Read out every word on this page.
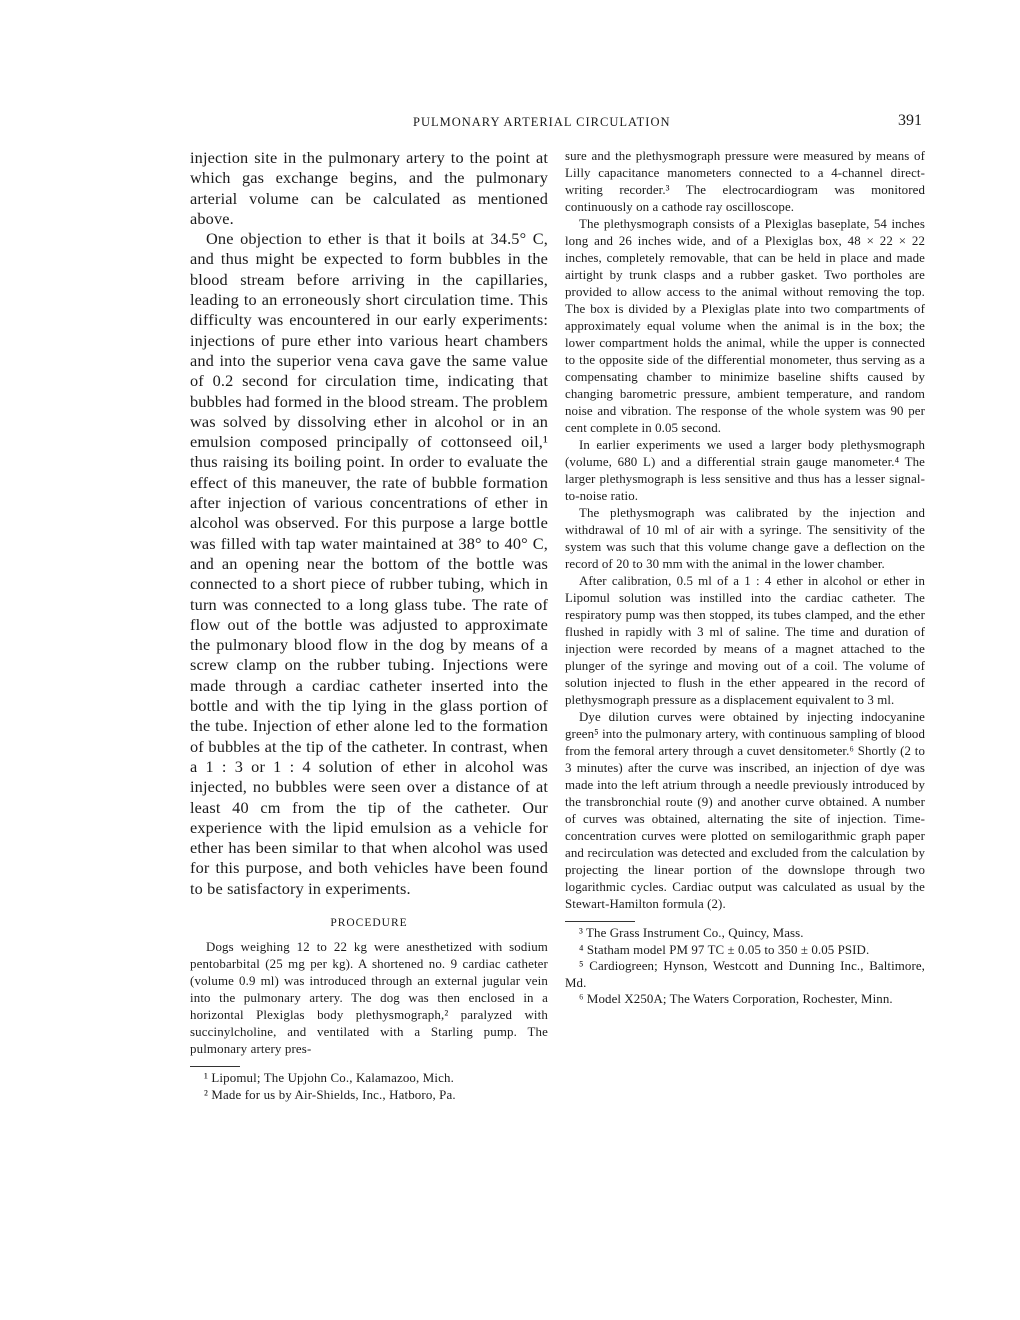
PULMONARY ARTERIAL CIRCULATION	391

injection site in the pulmonary artery to the point at which gas exchange begins, and the pulmonary arterial volume can be calculated as mentioned above.

One objection to ether is that it boils at 34.5° C, and thus might be expected to form bubbles in the blood stream before arriving in the capillaries, leading to an erroneously short circulation time. This difficulty was encountered in our early experiments: injections of pure ether into various heart chambers and into the superior vena cava gave the same value of 0.2 second for circulation time, indicating that bubbles had formed in the blood stream. The problem was solved by dissolving ether in alcohol or in an emulsion composed principally of cottonseed oil,¹ thus raising its boiling point. In order to evaluate the effect of this maneuver, the rate of bubble formation after injection of various concentrations of ether in alcohol was observed. For this purpose a large bottle was filled with tap water maintained at 38° to 40° C, and an opening near the bottom of the bottle was connected to a short piece of rubber tubing, which in turn was connected to a long glass tube. The rate of flow out of the bottle was adjusted to approximate the pulmonary blood flow in the dog by means of a screw clamp on the rubber tubing. Injections were made through a cardiac catheter inserted into the bottle and with the tip lying in the glass portion of the tube. Injection of ether alone led to the formation of bubbles at the tip of the catheter. In contrast, when a 1 : 3 or 1 : 4 solution of ether in alcohol was injected, no bubbles were seen over a distance of at least 40 cm from the tip of the catheter. Our experience with the lipid emulsion as a vehicle for ether has been similar to that when alcohol was used for this purpose, and both vehicles have been found to be satisfactory in experiments.

PROCEDURE

Dogs weighing 12 to 22 kg were anesthetized with sodium pentobarbital (25 mg per kg). A shortened no. 9 cardiac catheter (volume 0.9 ml) was introduced through an external jugular vein into the pulmonary artery. The dog was then enclosed in a horizontal Plexiglas body plethysmograph,² paralyzed with succinylcholine, and ventilated with a Starling pump. The pulmonary artery pres-

¹ Lipomul; The Upjohn Co., Kalamazoo, Mich.

² Made for us by Air-Shields, Inc., Hatboro, Pa.

sure and the plethysmograph pressure were measured by means of Lilly capacitance manometers connected to a 4-channel direct-writing recorder.³ The electrocardiogram was monitored continuously on a cathode ray oscilloscope.

The plethysmograph consists of a Plexiglas baseplate, 54 inches long and 26 inches wide, and of a Plexiglas box, 48 × 22 × 22 inches, completely removable, that can be held in place and made airtight by trunk clasps and a rubber gasket. Two portholes are provided to allow access to the animal without removing the top. The box is divided by a Plexiglas plate into two compartments of approximately equal volume when the animal is in the box; the lower compartment holds the animal, while the upper is connected to the opposite side of the differential monometer, thus serving as a compensating chamber to minimize baseline shifts caused by changing barometric pressure, ambient temperature, and random noise and vibration. The response of the whole system was 90 per cent complete in 0.05 second.

In earlier experiments we used a larger body plethysmograph (volume, 680 L) and a differential strain gauge manometer.⁴ The larger plethysmograph is less sensitive and thus has a lesser signal-to-noise ratio.

The plethysmograph was calibrated by the injection and withdrawal of 10 ml of air with a syringe. The sensitivity of the system was such that this volume change gave a deflection on the record of 20 to 30 mm with the animal in the lower chamber.

After calibration, 0.5 ml of a 1 : 4 ether in alcohol or ether in Lipomul solution was instilled into the cardiac catheter. The respiratory pump was then stopped, its tubes clamped, and the ether flushed in rapidly with 3 ml of saline. The time and duration of injection were recorded by means of a magnet attached to the plunger of the syringe and moving out of a coil. The volume of solution injected to flush in the ether appeared in the record of plethysmograph pressure as a displacement equivalent to 3 ml.

Dye dilution curves were obtained by injecting indocyanine green⁵ into the pulmonary artery, with continuous sampling of blood from the femoral artery through a cuvet densitometer.⁶ Shortly (2 to 3 minutes) after the curve was inscribed, an injection of dye was made into the left atrium through a needle previously introduced by the transbronchial route (9) and another curve obtained. A number of curves was obtained, alternating the site of injection. Time-concentration curves were plotted on semilogarithmic graph paper and recirculation was detected and excluded from the calculation by projecting the linear portion of the downslope through two logarithmic cycles. Cardiac output was calculated as usual by the Stewart-Hamilton formula (2).

³ The Grass Instrument Co., Quincy, Mass.

⁴ Statham model PM 97 TC ± 0.05 to 350 ± 0.05 PSID.

⁵ Cardiogreen; Hynson, Westcott and Dunning Inc., Baltimore, Md.

⁶ Model X250A; The Waters Corporation, Rochester, Minn.
